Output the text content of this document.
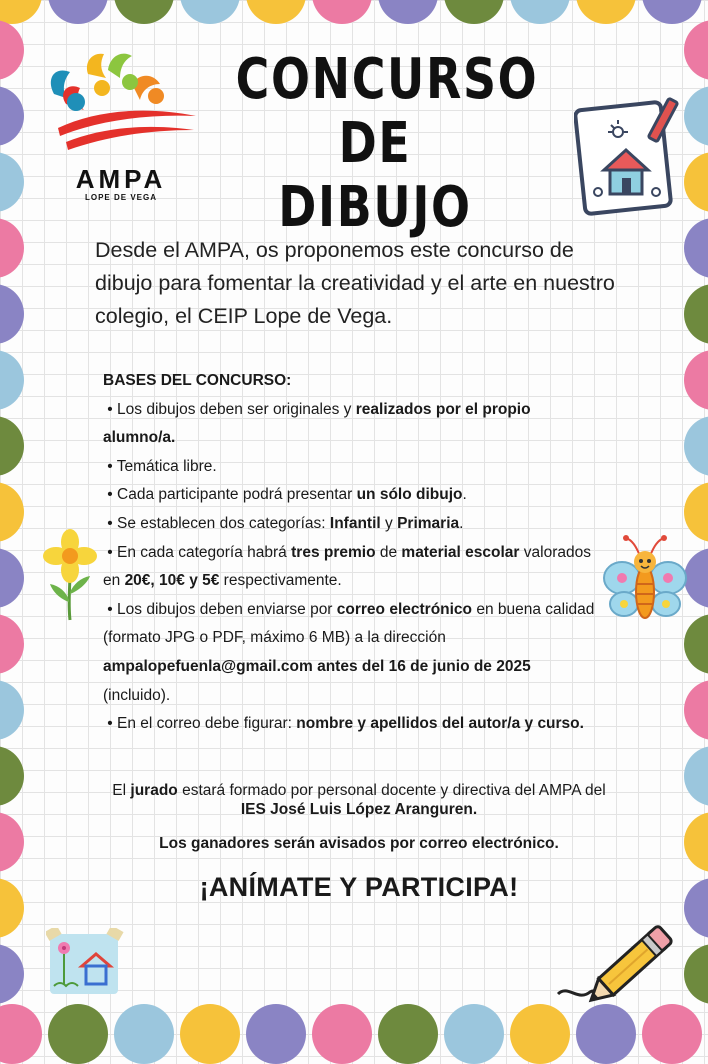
AMPA
LOPE DE VEGA
CONCURSO DE
DIBUJO
Desde el AMPA, os proponemos este concurso de dibujo para fomentar la creatividad y el arte en nuestro colegio, el CEIP Lope de Vega.

BASES DEL CONCURSO:

• Los dibujos deben ser originales y realizados por el propio alumno/a.

• Temática libre.

• Cada participante podrá presentar un sólo dibujo.

• Se establecen dos categorías: Infantil y Primaria.

• En cada categoría habrá tres premio de material escolar valorados en 20€, 10€ y 5€ respectivamente.

• Los dibujos deben enviarse por correo electrónico en buena calidad (formato JPG o PDF, máximo 6 MB) a la dirección ampalopefuenla@gmail.com antes del 16 de junio de 2025 (incluido).

• En el correo debe figurar: nombre y apellidos del autor/a y curso.

El jurado estará formado por personal docente y directiva del AMPA del IES José Luis López Aranguren.
Los ganadores serán avisados por correo electrónico.
¡ANÍMATE Y PARTICIPA!
